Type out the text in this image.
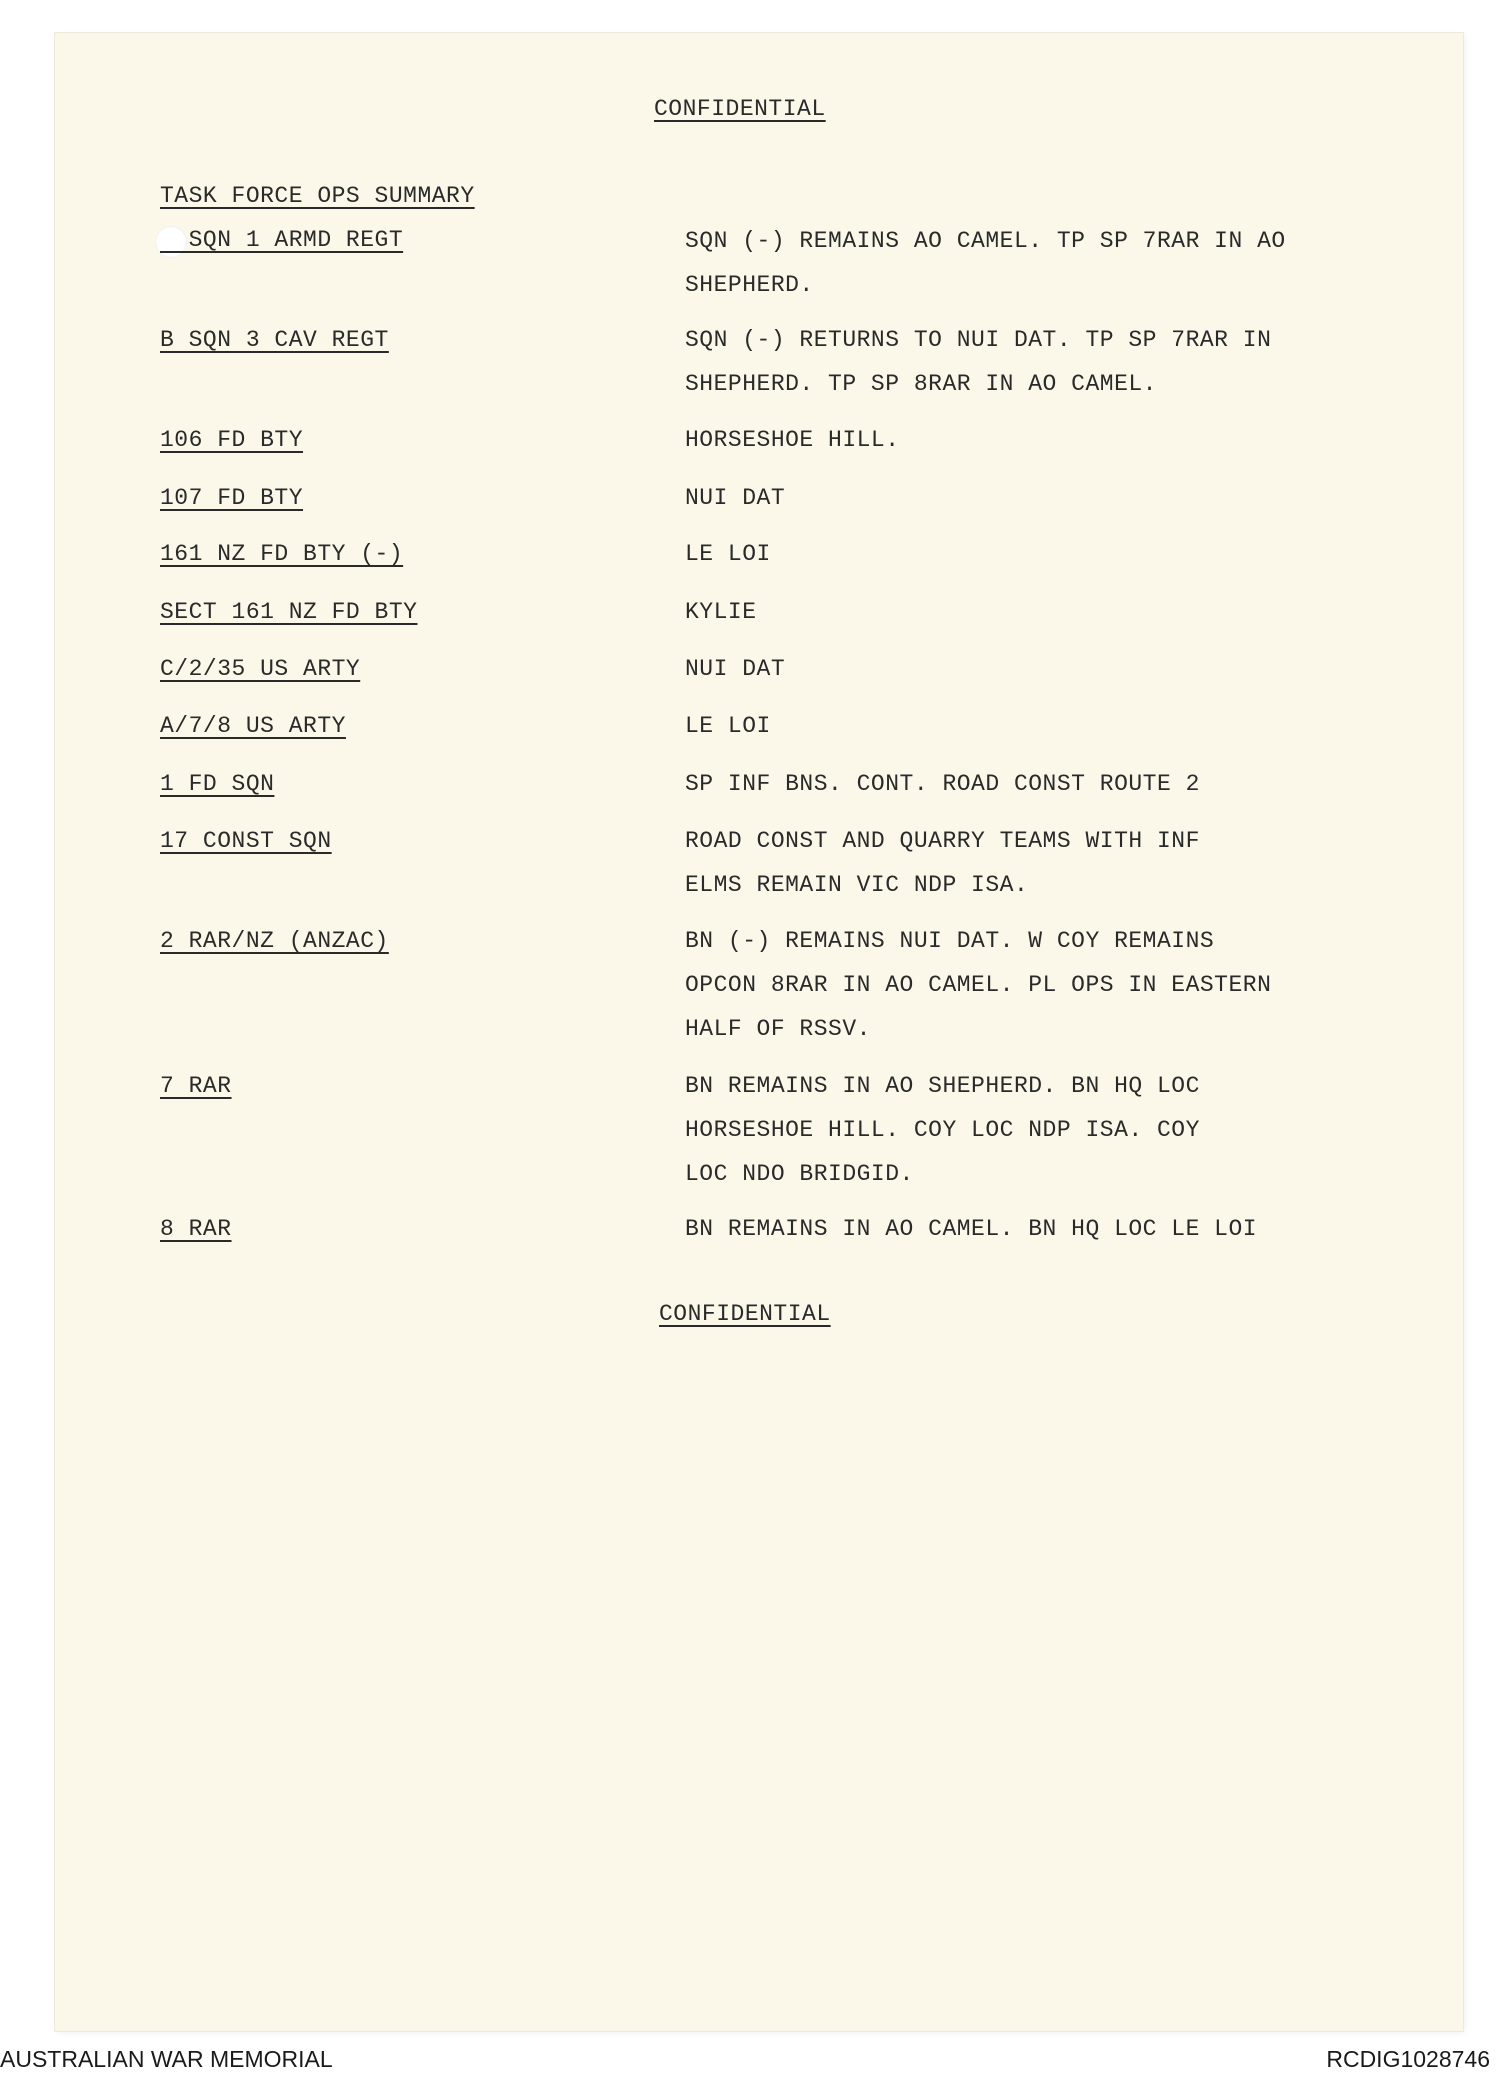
CONFIDENTIAL
TASK FORCE OPS SUMMARY
SQN 1 ARMD REGT	SQN (-) REMAINS AO CAMEL. TP SP 7RAR IN AO
SHEPHERD.
B SQN 3 CAV REGT	SQN (-) RETURNS TO NUI DAT. TP SP 7RAR IN
SHEPHERD. TP SP 8RAR IN AO CAMEL.
106 FD BTY	HORSESHOE HILL.
107 FD BTY	NUI DAT
161 NZ FD BTY (-)	LE LOI
SECT 161 NZ FD BTY	KYLIE
C/2/35 US ARTY	NUI DAT
A/7/8 US ARTY	LE LOI
1 FD SQN	SP INF BNS. CONT. ROAD CONST ROUTE 2
17 CONST SQN	ROAD CONST AND QUARRY TEAMS WITH INF
ELMS REMAIN VIC NDP ISA.
2 RAR/NZ (ANZAC)	BN (-) REMAINS NUI DAT. W COY REMAINS
OPCON 8RAR IN AO CAMEL. PL OPS IN EASTERN
HALF OF RSSV.
7 RAR	BN REMAINS IN AO SHEPHERD. BN HQ LOC
HORSESHOE HILL. COY LOC NDP ISA. COY
LOC NDO BRIDGID.
8 RAR	BN REMAINS IN AO CAMEL. BN HQ LOC LE LOI
CONFIDENTIAL
AUSTRALIAN WAR MEMORIAL	RCDIG1028746
